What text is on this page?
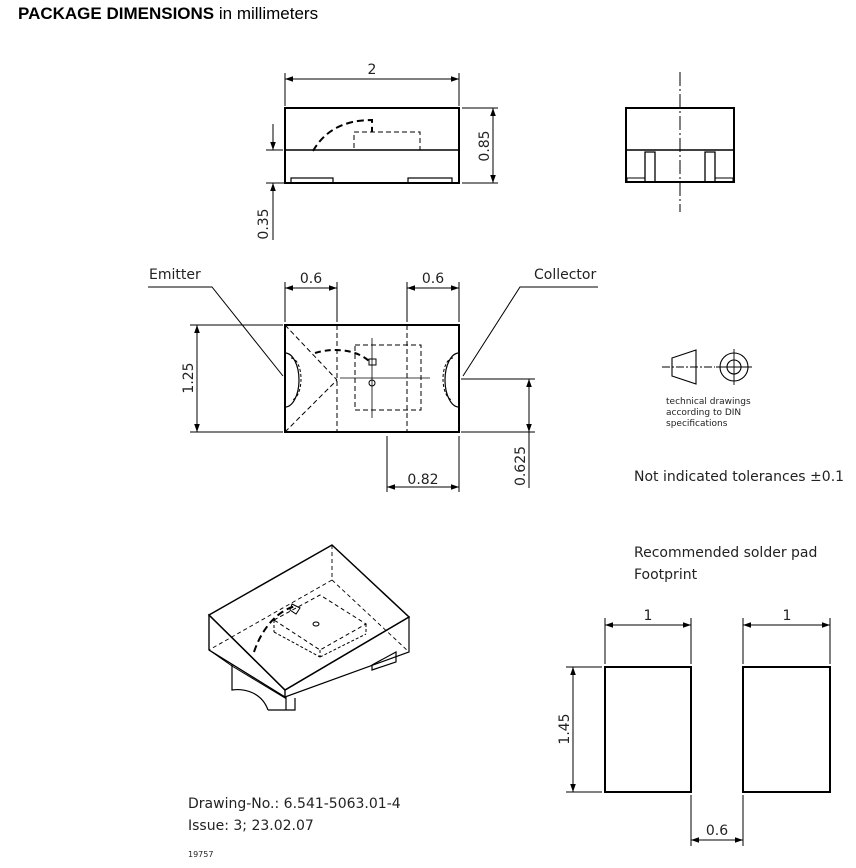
PACKAGE DIMENSIONS in millimeters
2
0.85
0.35
Emitter	Collector
0.6	0.6
1.25
0.625
0.82
technical drawings
according to DIN
specifications
Not indicated tolerances ±0.1
Recommended solder pad
Footprint
1	1
1.45
0.6
Drawing-No.: 6.541-5063.01-4
Issue: 3; 23.02.07
19757
